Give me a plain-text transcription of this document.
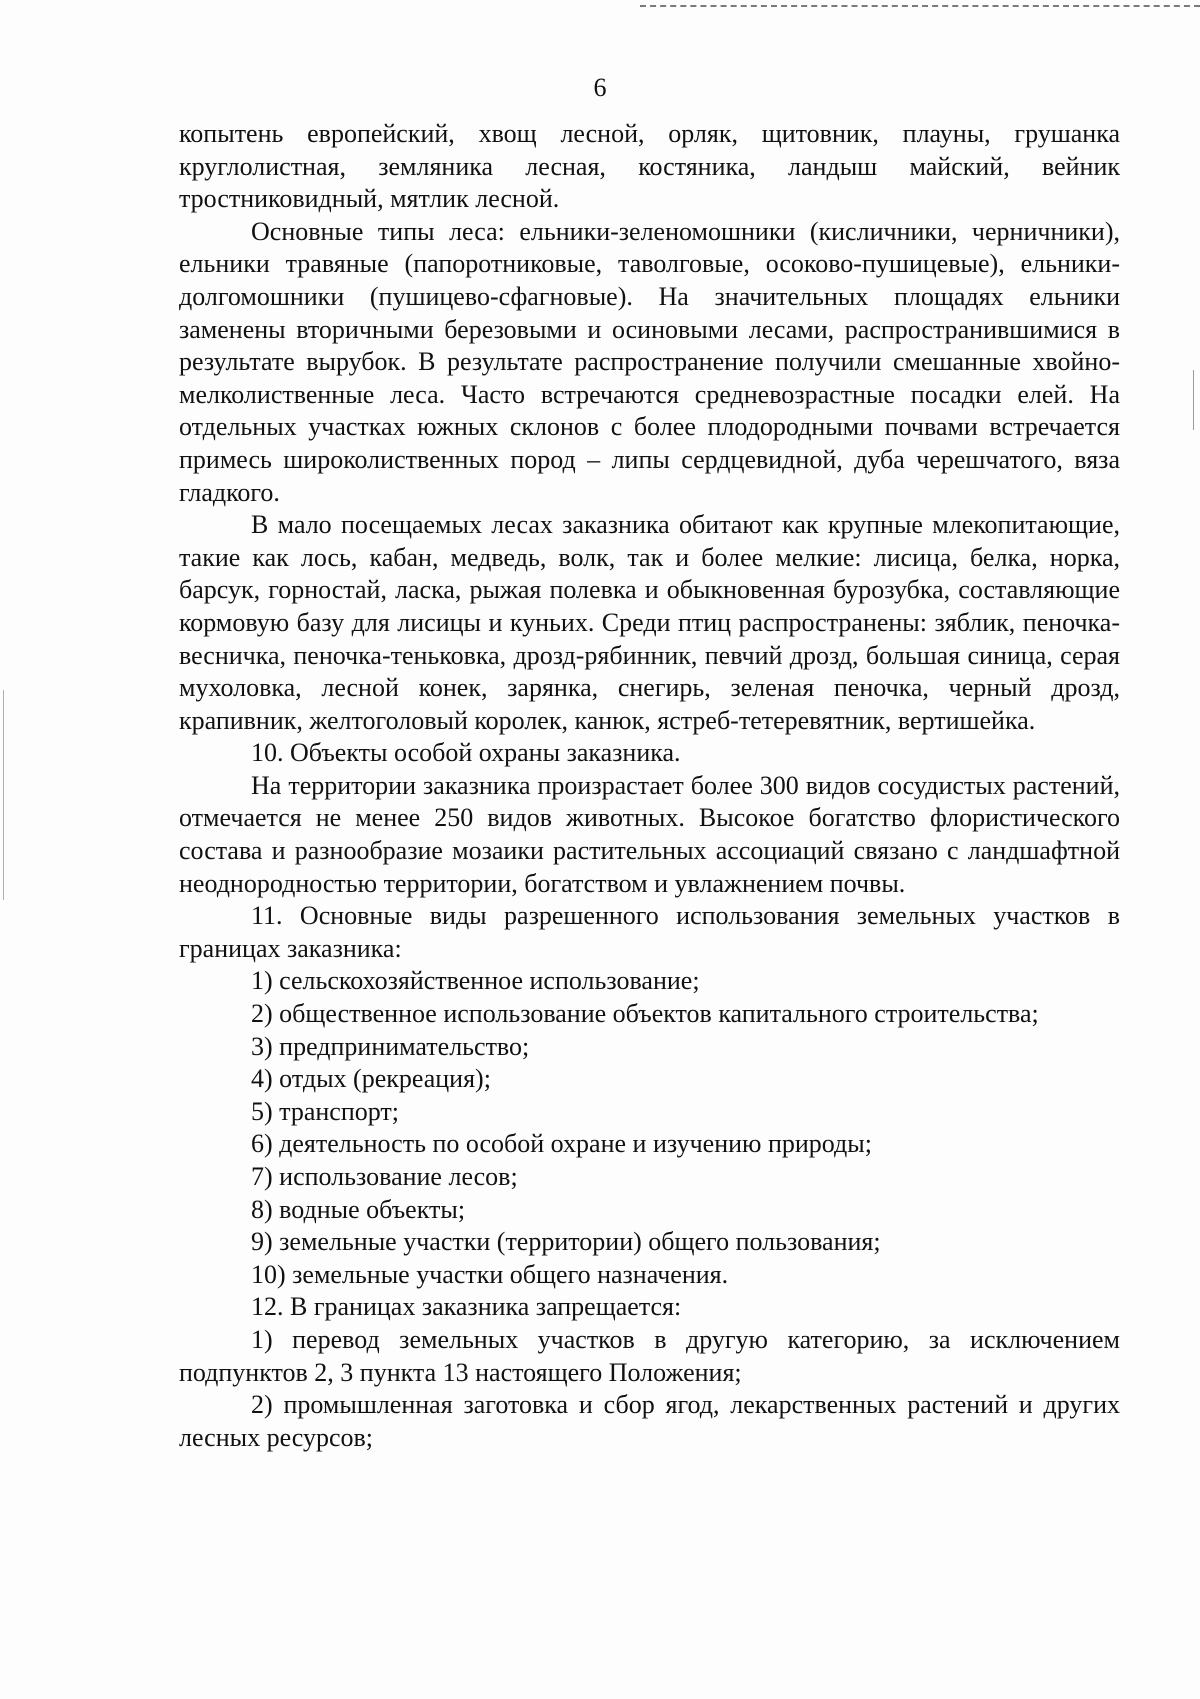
6

копытень европейский, хвощ лесной, орляк, щитовник, плауны, грушанка круглолистная, земляника лесная, костяника, ландыш майский, вейник тростниковидный, мятлик лесной.

Основные типы леса: ельники-зеленомошники (кисличники, черничники), ельники травяные (папоротниковые, таволговые, осоково-пушицевые), ельники-долгомошники (пушицево-сфагновые). На значительных площадях ельники заменены вторичными березовыми и осиновыми лесами, распространившимися в результате вырубок. В результате распространение получили смешанные хвойно-мелколиственные леса. Часто встречаются средневозрастные посадки елей. На отдельных участках южных склонов с более плодородными почвами встречается примесь широколиственных пород – липы сердцевидной, дуба черешчатого, вяза гладкого.

В мало посещаемых лесах заказника обитают как крупные млекопитающие, такие как лось, кабан, медведь, волк, так и более мелкие: лисица, белка, норка, барсук, горностай, ласка, рыжая полевка и обыкновенная бурозубка, составляющие кормовую базу для лисицы и куньих. Среди птиц распространены: зяблик, пеночка-весничка, пеночка-теньковка, дрозд-рябинник, певчий дрозд, большая синица, серая мухоловка, лесной конек, зарянка, снегирь, зеленая пеночка, черный дрозд, крапивник, желтоголовый королек, канюк, ястреб-тетеревятник, вертишейка.

10. Объекты особой охраны заказника.

На территории заказника произрастает более 300 видов сосудистых растений, отмечается не менее 250 видов животных. Высокое богатство флористического состава и разнообразие мозаики растительных ассоциаций связано с ландшафтной неоднородностью территории, богатством и увлажнением почвы.

11. Основные виды разрешенного использования земельных участков в границах заказника:

1) сельскохозяйственное использование;

2) общественное использование объектов капитального строительства;

3) предпринимательство;

4) отдых (рекреация);

5) транспорт;

6) деятельность по особой охране и изучению природы;

7) использование лесов;

8) водные объекты;

9) земельные участки (территории) общего пользования;

10) земельные участки общего назначения.

12. В границах заказника запрещается:

1) перевод земельных участков в другую категорию, за исключением подпунктов 2, 3 пункта 13 настоящего Положения;

2) промышленная заготовка и сбор ягод, лекарственных растений и других лесных ресурсов;
